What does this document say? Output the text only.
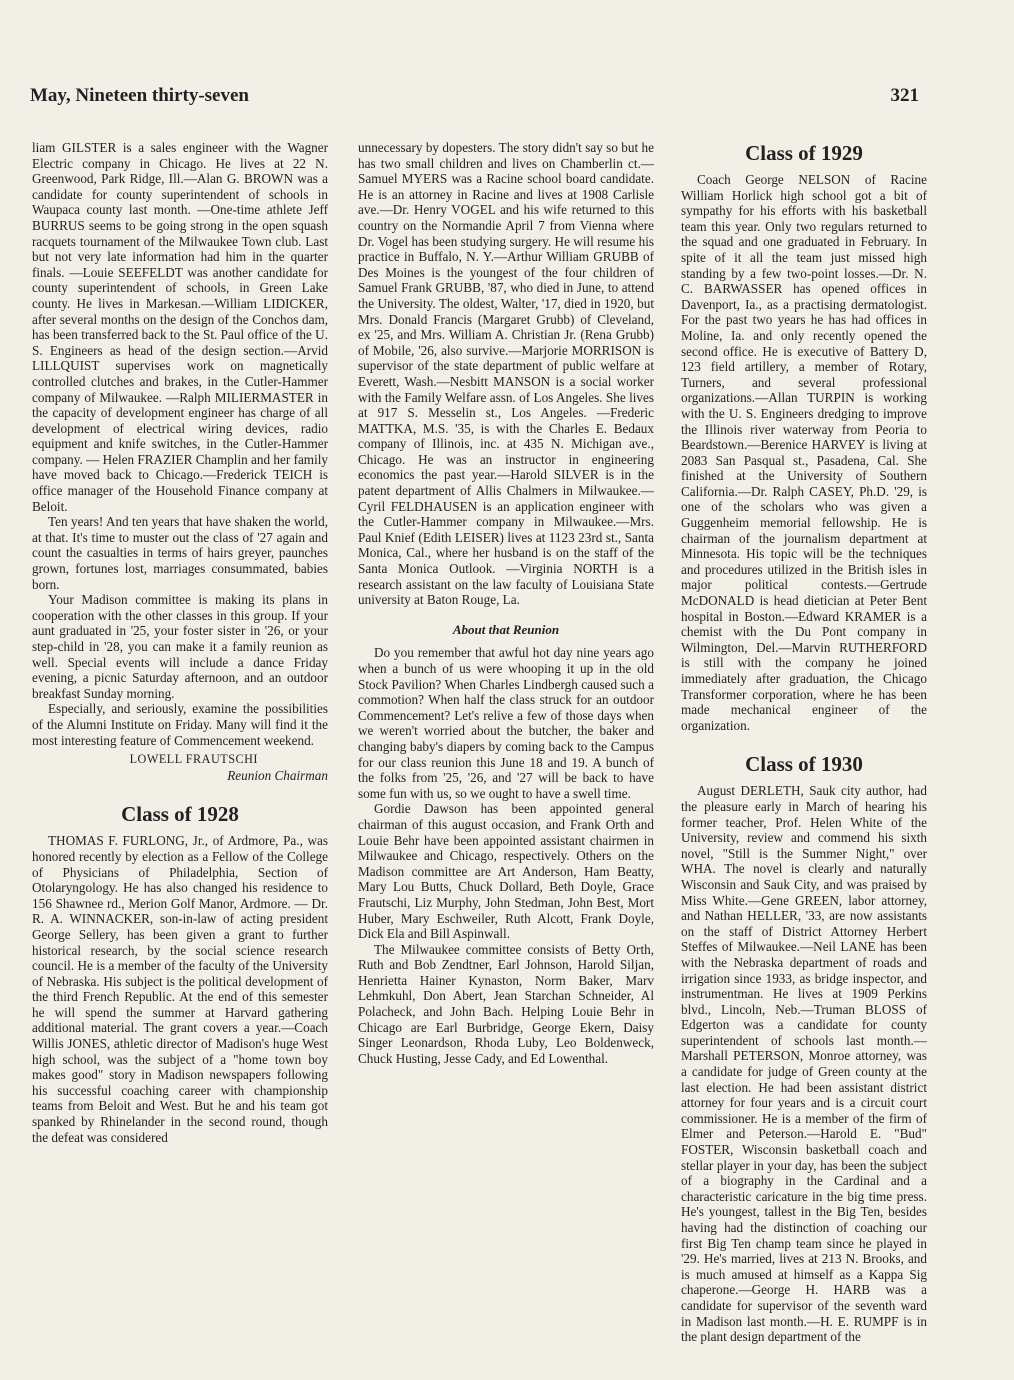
May, Nineteen thirty-seven	321

liam GILSTER is a sales engineer with the Wagner Electric company in Chicago. He lives at 22 N. Greenwood, Park Ridge, Ill.—Alan G. BROWN was a candidate for county superintendent of schools in Waupaca county last month. —One-time athlete Jeff BURRUS seems to be going strong in the open squash racquets tournament of the Milwaukee Town club. Last but not very late information had him in the quarter finals. —Louie SEEFELDT was another candidate for county superintendent of schools, in Green Lake county. He lives in Markesan.—William LIDICKER, after several months on the design of the Conchos dam, has been transferred back to the St. Paul office of the U. S. Engineers as head of the design section.—Arvid LILLQUIST supervises work on magnetically controlled clutches and brakes, in the Cutler-Hammer company of Milwaukee. —Ralph MILIERMASTER in the capacity of development engineer has charge of all development of electrical wiring devices, radio equipment and knife switches, in the Cutler-Hammer company. — Helen FRAZIER Champlin and her family have moved back to Chicago.—Frederick TEICH is office manager of the Household Finance company at Beloit.

Ten years! And ten years that have shaken the world, at that. It's time to muster out the class of '27 again and count the casualties in terms of hairs greyer, paunches grown, fortunes lost, marriages consummated, babies born.

Your Madison committee is making its plans in cooperation with the other classes in this group. If your aunt graduated in '25, your foster sister in '26, or your step-child in '28, you can make it a family reunion as well. Special events will include a dance Friday evening, a picnic Saturday afternoon, and an outdoor breakfast Sunday morning.

Especially, and seriously, examine the possibilities of the Alumni Institute on Friday. Many will find it the most interesting feature of Commencement weekend.

LOWELL FRAUTSCHI
Reunion Chairman
Class of 1928

THOMAS F. FURLONG, Jr., of Ardmore, Pa., was honored recently by election as a Fellow of the College of Physicians of Philadelphia, Section of Otolaryngology. He has also changed his residence to 156 Shawnee rd., Merion Golf Manor, Ardmore. — Dr. R. A. WINNACKER, son-in-law of acting president George Sellery, has been given a grant to further historical research, by the social science research council. He is a member of the faculty of the University of Nebraska. His subject is the political development of the third French Republic. At the end of this semester he will spend the summer at Harvard gathering additional material. The grant covers a year.—Coach Willis JONES, athletic director of Madison's huge West high school, was the subject of a "home town boy makes good" story in Madison newspapers following his successful coaching career with championship teams from Beloit and West. But he and his team got spanked by Rhinelander in the second round, though the defeat was considered

unnecessary by dopesters. The story didn't say so but he has two small children and lives on Chamberlin ct.—Samuel MYERS was a Racine school board candidate. He is an attorney in Racine and lives at 1908 Carlisle ave.—Dr. Henry VOGEL and his wife returned to this country on the Normandie April 7 from Vienna where Dr. Vogel has been studying surgery. He will resume his practice in Buffalo, N. Y.—Arthur William GRUBB of Des Moines is the youngest of the four children of Samuel Frank GRUBB, '87, who died in June, to attend the University. The oldest, Walter, '17, died in 1920, but Mrs. Donald Francis (Margaret Grubb) of Cleveland, ex '25, and Mrs. William A. Christian Jr. (Rena Grubb) of Mobile, '26, also survive.—Marjorie MORRISON is supervisor of the state department of public welfare at Everett, Wash.—Nesbitt MANSON is a social worker with the Family Welfare assn. of Los Angeles. She lives at 917 S. Messelin st., Los Angeles. —Frederic MATTKA, M.S. '35, is with the Charles E. Bedaux company of Illinois, inc. at 435 N. Michigan ave., Chicago. He was an instructor in engineering economics the past year.—Harold SILVER is in the patent department of Allis Chalmers in Milwaukee.—Cyril FELDHAUSEN is an application engineer with the Cutler-Hammer company in Milwaukee.—Mrs. Paul Knief (Edith LEISER) lives at 1123 23rd st., Santa Monica, Cal., where her husband is on the staff of the Santa Monica Outlook. —Virginia NORTH is a research assistant on the law faculty of Louisiana State university at Baton Rouge, La.

About that Reunion

Do you remember that awful hot day nine years ago when a bunch of us were whooping it up in the old Stock Pavilion? When Charles Lindbergh caused such a commotion? When half the class struck for an outdoor Commencement? Let's relive a few of those days when we weren't worried about the butcher, the baker and changing baby's diapers by coming back to the Campus for our class reunion this June 18 and 19. A bunch of the folks from '25, '26, and '27 will be back to have some fun with us, so we ought to have a swell time.

Gordie Dawson has been appointed general chairman of this august occasion, and Frank Orth and Louie Behr have been appointed assistant chairmen in Milwaukee and Chicago, respectively. Others on the Madison committee are Art Anderson, Ham Beatty, Mary Lou Butts, Chuck Dollard, Beth Doyle, Grace Frautschi, Liz Murphy, John Stedman, John Best, Mort Huber, Mary Eschweiler, Ruth Alcott, Frank Doyle, Dick Ela and Bill Aspinwall.

The Milwaukee committee consists of Betty Orth, Ruth and Bob Zendtner, Earl Johnson, Harold Siljan, Henrietta Hainer Kynaston, Norm Baker, Marv Lehmkuhl, Don Abert, Jean Starchan Schneider, Al Polacheck, and John Bach. Helping Louie Behr in Chicago are Earl Burbridge, George Ekern, Daisy Singer Leonardson, Rhoda Luby, Leo Boldenweck, Chuck Husting, Jesse Cady, and Ed Lowenthal.

Class of 1929

Coach George NELSON of Racine William Horlick high school got a bit of sympathy for his efforts with his basketball team this year. Only two regulars returned to the squad and one graduated in February. In spite of it all the team just missed high standing by a few two-point losses.—Dr. N. C. BARWASSER has opened offices in Davenport, Ia., as a practising dermatologist. For the past two years he has had offices in Moline, Ia. and only recently opened the second office. He is executive of Battery D, 123 field artillery, a member of Rotary, Turners, and several professional organizations.—Allan TURPIN is working with the U. S. Engineers dredging to improve the Illinois river waterway from Peoria to Beardstown.—Berenice HARVEY is living at 2083 San Pasqual st., Pasadena, Cal. She finished at the University of Southern California.—Dr. Ralph CASEY, Ph.D. '29, is one of the scholars who was given a Guggenheim memorial fellowship. He is chairman of the journalism department at Minnesota. His topic will be the techniques and procedures utilized in the British isles in major political contests.—Gertrude McDONALD is head dietician at Peter Bent hospital in Boston.—Edward KRAMER is a chemist with the Du Pont company in Wilmington, Del.—Marvin RUTHERFORD is still with the company he joined immediately after graduation, the Chicago Transformer corporation, where he has been made mechanical engineer of the organization.

Class of 1930

August DERLETH, Sauk city author, had the pleasure early in March of hearing his former teacher, Prof. Helen White of the University, review and commend his sixth novel, "Still is the Summer Night," over WHA. The novel is clearly and naturally Wisconsin and Sauk City, and was praised by Miss White.—Gene GREEN, labor attorney, and Nathan HELLER, '33, are now assistants on the staff of District Attorney Herbert Steffes of Milwaukee.—Neil LANE has been with the Nebraska department of roads and irrigation since 1933, as bridge inspector, and instrumentman. He lives at 1909 Perkins blvd., Lincoln, Neb.—Truman BLOSS of Edgerton was a candidate for county superintendent of schools last month.—Marshall PETERSON, Monroe attorney, was a candidate for judge of Green county at the last election. He had been assistant district attorney for four years and is a circuit court commissioner. He is a member of the firm of Elmer and Peterson.—Harold E. "Bud" FOSTER, Wisconsin basketball coach and stellar player in your day, has been the subject of a biography in the Cardinal and a characteristic caricature in the big time press. He's youngest, tallest in the Big Ten, besides having had the distinction of coaching our first Big Ten champ team since he played in '29. He's married, lives at 213 N. Brooks, and is much amused at himself as a Kappa Sig chaperone.—George H. HARB was a candidate for supervisor of the seventh ward in Madison last month.—H. E. RUMPF is in the plant design department of the
